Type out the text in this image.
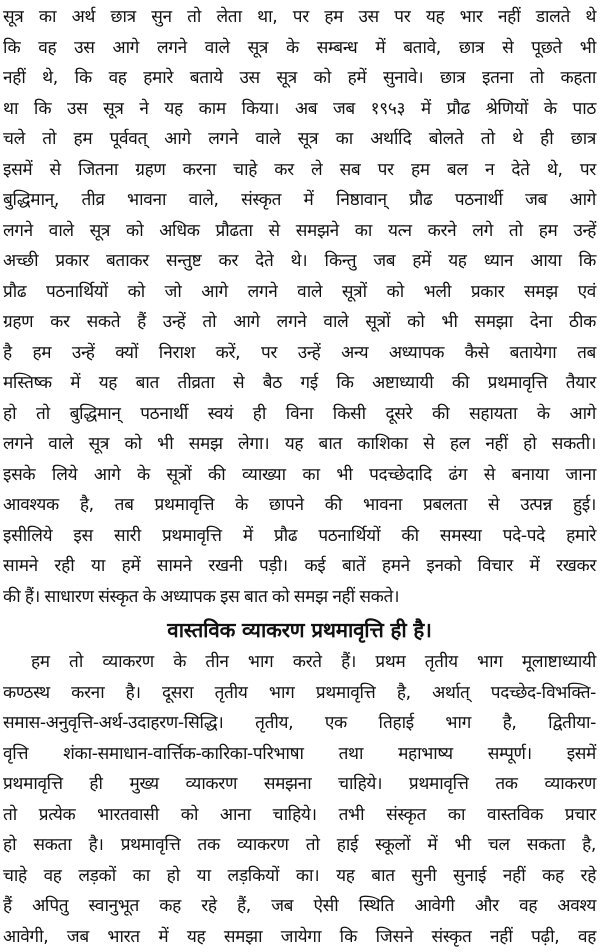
सूत्र का अर्थ छात्र सुन तो लेता था, पर हम उस पर यह भार नहीं डालते थे
कि वह उस आगे लगने वाले सूत्र के सम्बन्ध में बतावे, छात्र से पूछते भी
नहीं थे, कि वह हमारे बताये उस सूत्र को हमें सुनावे। छात्र इतना तो कहता
था कि उस सूत्र ने यह काम किया। अब जब १९५३ में प्रौढ श्रेणियों के पाठ
चले तो हम पूर्ववत् आगे लगने वाले सूत्र का अर्थादि बोलते तो थे ही छात्र
इसमें से जितना ग्रहण करना चाहे कर ले सब पर हम बल न देते थे, पर
बुद्धिमान्, तीव्र भावना वाले, संस्कृत में निष्ठावान् प्रौढ पठनार्थी जब आगे
लगने वाले सूत्र को अधिक प्रौढता से समझने का यत्न करने लगे तो हम उन्हें
अच्छी प्रकार बताकर सन्तुष्ट कर देते थे। किन्तु जब हमें यह ध्यान आया कि
प्रौढ पठनार्थियों को जो आगे लगने वाले सूत्रों को भली प्रकार समझ एवं
ग्रहण कर सकते हैं उन्हें तो आगे लगने वाले सूत्रों को भी समझा देना ठीक
है हम उन्हें क्यों निराश करें, पर उन्हें अन्य अध्यापक कैसे बतायेगा तब
मस्तिष्क में यह बात तीव्रता से बैठ गई कि अष्टाध्यायी की प्रथमावृत्ति तैयार
हो तो बुद्धिमान् पठनार्थी स्वयं ही विना किसी दूसरे की सहायता के आगे
लगने वाले सूत्र को भी समझ लेगा। यह बात काशिका से हल नहीं हो सकती।
इसके लिये आगे के सूत्रों की व्याख्या का भी पदच्छेदादि ढंग से बनाया जाना
आवश्यक है, तब प्रथमावृत्ति के छापने की भावना प्रबलता से उत्पन्न हुई।
इसीलिये इस सारी प्रथमावृत्ति में प्रौढ पठनार्थियों की समस्या पदे-पदे हमारे
सामने रही या हमें सामने रखनी पड़ी। कई बातें हमने इनको विचार में रखकर
की हैं। साधारण संस्कृत के अध्यापक इस बात को समझ नहीं सकते।
वास्तविक व्याकरण प्रथमावृत्ति ही है।
हम तो व्याकरण के तीन भाग करते हैं। प्रथम तृतीय भाग मूलाष्टाध्यायी
कण्ठस्थ करना है। दूसरा तृतीय भाग प्रथमावृत्ति है, अर्थात् पदच्छेद-विभक्ति-
समास-अनुवृत्ति-अर्थ-उदाहरण-सिद्धि। तृतीय, एक तिहाई भाग है, द्वितीया-
वृत्ति शंका-समाधान-वार्त्तिक-कारिका-परिभाषा तथा महाभाष्य सम्पूर्ण। इसमें
प्रथमावृत्ति ही मुख्य व्याकरण समझना चाहिये। प्रथमावृत्ति तक व्याकरण
तो प्रत्येक भारतवासी को आना चाहिये। तभी संस्कृत का वास्तविक प्रचार
हो सकता है। प्रथमावृत्ति तक व्याकरण तो हाई स्कूलों में भी चल सकता है,
चाहे वह लड़कों का हो या लड़कियों का। यह बात सुनी सुनाई नहीं कह रहे
हैं अपितु स्वानुभूत कह रहे हैं, जब ऐसी स्थिति आवेगी और वह अवश्य
आवेगी, जब भारत में यह समझा जायेगा कि जिसने संस्कृत नहीं पढ़ी, वह
